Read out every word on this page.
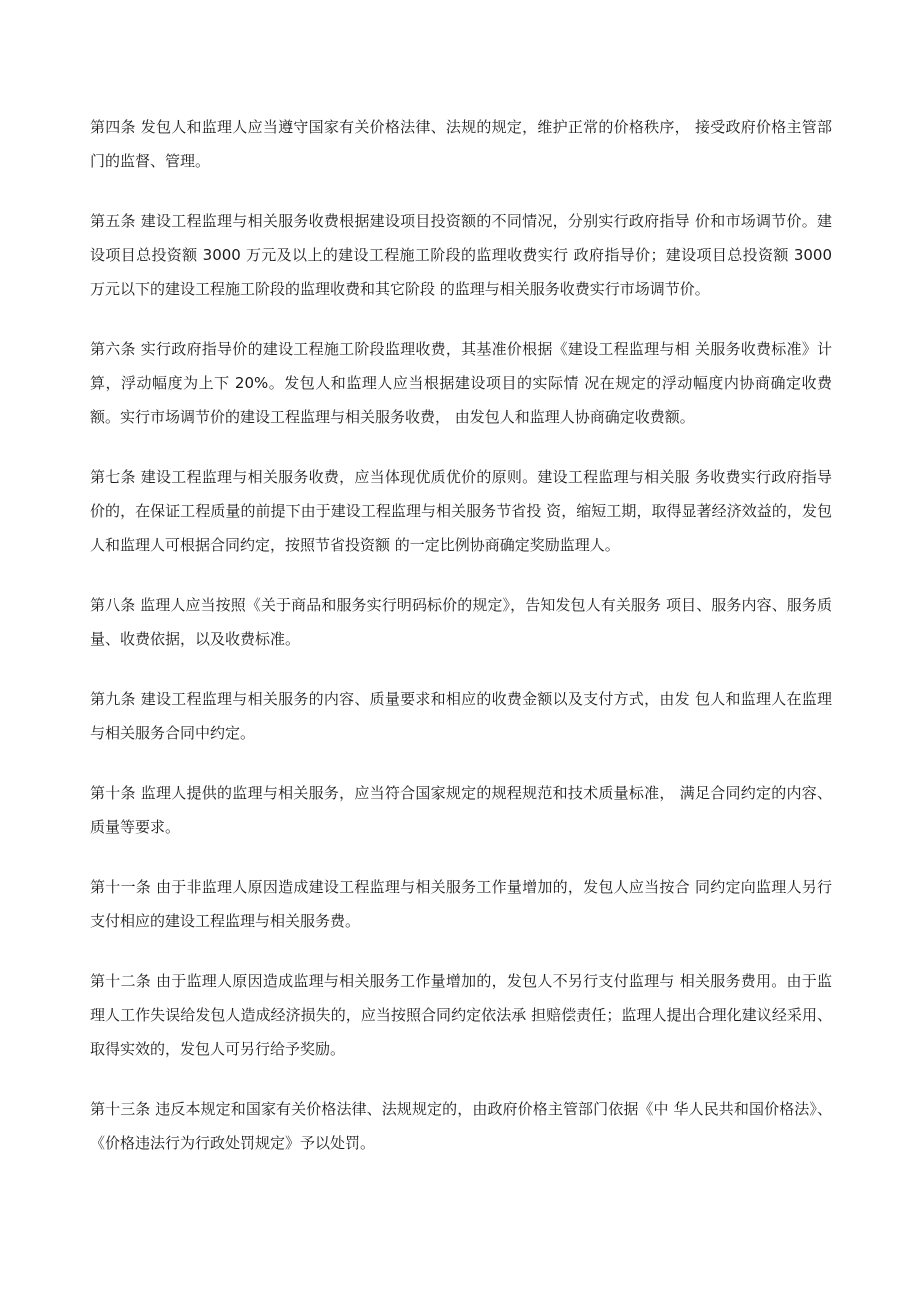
第四条 发包人和监理人应当遵守国家有关价格法律、法规的规定，维护正常的价格秩序， 接受政府价格主管部门的监督、管理。

第五条 建设工程监理与相关服务收费根据建设项目投资额的不同情况，分别实行政府指导 价和市场调节价。建设项目总投资额 3000 万元及以上的建设工程施工阶段的监理收费实行 政府指导价；建设项目总投资额 3000 万元以下的建设工程施工阶段的监理收费和其它阶段 的监理与相关服务收费实行市场调节价。

第六条 实行政府指导价的建设工程施工阶段监理收费，其基准价根据《建设工程监理与相 关服务收费标准》计算，浮动幅度为上下 20%。发包人和监理人应当根据建设项目的实际情 况在规定的浮动幅度内协商确定收费额。实行市场调节价的建设工程监理与相关服务收费， 由发包人和监理人协商确定收费额。

第七条 建设工程监理与相关服务收费，应当体现优质优价的原则。建设工程监理与相关服 务收费实行政府指导价的，在保证工程质量的前提下由于建设工程监理与相关服务节省投 资，缩短工期，取得显著经济效益的，发包人和监理人可根据合同约定，按照节省投资额 的一定比例协商确定奖励监理人。

第八条 监理人应当按照《关于商品和服务实行明码标价的规定》，告知发包人有关服务 项目、服务内容、服务质量、收费依据，以及收费标准。

第九条 建设工程监理与相关服务的内容、质量要求和相应的收费金额以及支付方式，由发 包人和监理人在监理与相关服务合同中约定。

第十条 监理人提供的监理与相关服务，应当符合国家规定的规程规范和技术质量标准， 满足合同约定的内容、质量等要求。

第十一条 由于非监理人原因造成建设工程监理与相关服务工作量增加的，发包人应当按合 同约定向监理人另行支付相应的建设工程监理与相关服务费。

第十二条 由于监理人原因造成监理与相关服务工作量增加的，发包人不另行支付监理与 相关服务费用。由于监理人工作失误给发包人造成经济损失的，应当按照合同约定依法承 担赔偿责任；监理人提出合理化建议经采用、取得实效的，发包人可另行给予奖励。

第十三条 违反本规定和国家有关价格法律、法规规定的，由政府价格主管部门依据《中 华人民共和国价格法》、《价格违法行为行政处罚规定》予以处罚。
